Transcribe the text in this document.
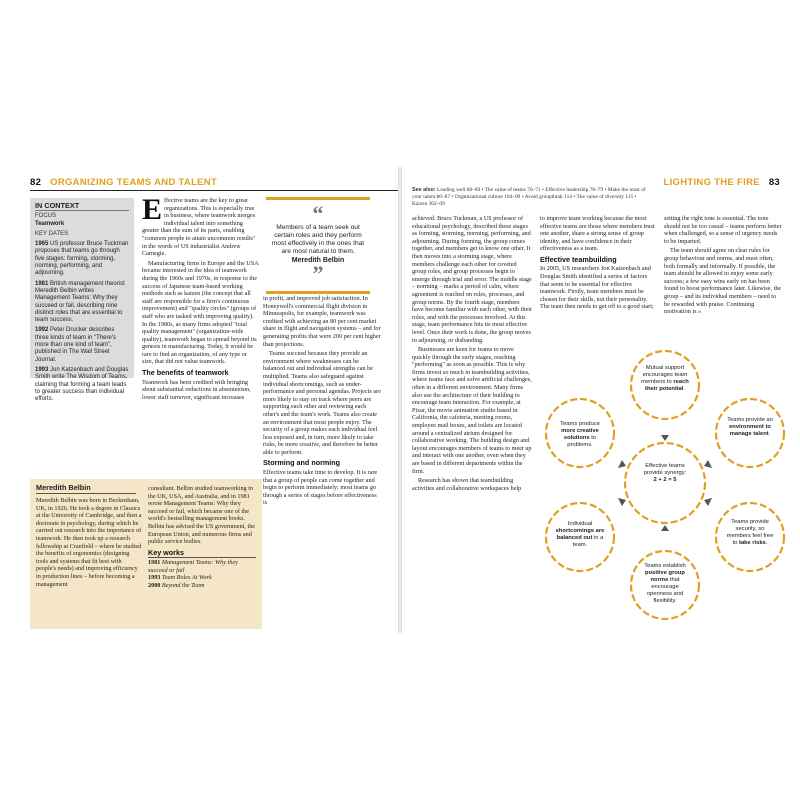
82 ORGANIZING TEAMS AND TALENT
IN CONTEXT
FOCUS
Teamwork
KEY DATES
1965 US professor Bruce Tuckman proposes that teams go through five stages: forming, storming, norming, performing, and adjourning.
1981 British management theorist Meredith Belbin writes Management Teams: Why they succeed or fail, describing nine distinct roles that are essential to team success.
1992 Peter Drucker describes three kinds of team in "There's more than one kind of team", published in The Wall Street Journal.
1993 Jon Katzenbach and Douglas Smith write The Wisdom of Teams, claiming that forming a team leads to greater success than individual efforts.
E ffective teams are the key to great organizations. This is especially true in business, where teamwork merges individual talent into something greater than the sum of its parts, enabling "common people to attain uncommon results" in the words of US industrialist Andrew Carnegie.

Manufacturing firms in Europe and the USA became interested in the idea of teamwork during the 1960s and 1970s, in response to the success of Japanese team-based working methods such as kaizen (the concept that all staff are responsible for a firm's continuous improvement) and "quality circles" (groups of staff who are tasked with improving quality). In the 1980s, as many firms adopted "total quality management" (organization-wide quality), teamwork began to spread beyond its genesis in manufacturing. Today, it would be rare to find an organization, of any type or size, that did not value teamwork.

The benefits of teamwork

Teamwork has been credited with bringing about substantial reductions in absenteeism, lower staff turnover, significant increases

“
Members of a team seek out certain roles and they perform most effectively in the ones that are most natural to them.
Meredith Belbin
”

in profit, and improved job satisfaction. In Honeywell's commercial flight division in Minneapolis, for example, teamwork was credited with achieving an 80 per cent market share in flight and navigation systems – and for generating profits that were 200 per cent higher than projections.

Teams succeed because they provide an environment where weaknesses can be balanced out and individual strengths can be multiplied. Teams also safeguard against individual shortcomings, such as under-performance and personal agendas. Projects are more likely to stay on track where peers are supporting each other and reviewing each other's and the team's work. Teams also create an environment that most people enjoy. The security of a group makes each individual feel less exposed and, in turn, more likely to take risks, be more creative, and therefore be better able to perform.

Storming and norming

Effective teams take time to develop. It is rare that a group of people can come together and begin to perform immediately; most teams go through a series of stages before effectiveness is

Meredith Belbin

Meredith Belbin was born in Beckenham, UK, in 1926. He took a degree in Classics at the University of Cambridge, and then a doctorate in psychology, during which he carried out research into the importance of teamwork. He then took up a research fellowship at Cranfield – where he studied the benefits of ergonomics (designing tools and systems that fit best with people's needs) and improving efficiency in production lines – before becoming a management

consultant. Belbin studied teamworking in the UK, USA, and Australia, and in 1981 wrote Management Teams: Why they succeed or fail, which became one of the world's bestselling management books. Belbin has advised the US government, the European Union, and numerous firms and public service bodies.

Key works
1981 Management Teams: Why they succeed or fail
1993 Team Roles At Work
2000 Beyond the Team
LIGHTING THE FIRE 83
See also: Leading well 68–69 • The value of teams 70–71 • Effective leadership 78–79 • Make the most of your talent 86–87 • Organizational culture 104–09 • Avoid groupthink 114 • The value of diversity 115 • Kaizen 302–09

achieved. Bruce Tuckman, a US professor of educational psychology, described these stages as forming, storming, norming, performing, and adjourning. During forming, the group comes together, and members get to know one other. It then moves into a storming stage, where members challenge each other for coveted group roles, and group processes begin to emerge through trial and error. The middle stage – norming – marks a period of calm, where agreement is reached on roles, processes, and group norms. By the fourth stage, members have become familiar with each other, with their roles, and with the processes involved. At this stage, team performance hits its most effective level. Once their work is done, the group moves to adjourning, or disbanding.

Businesses are keen for teams to move quickly through the early stages, reaching "performing" as soon as possible. This is why firms invest so much in teambuilding activities, where teams face and solve artificial challenges, often in a different environment. Many firms also use the architecture of their building to encourage team interaction. For example, at Pixar, the movie animation studio based in California, the cafeteria, meeting rooms, employee mail boxes, and toilets are located around a centralized atrium designed for collaborative working. The building design and layout encourages members of teams to meet up and interact with one another, even when they are based in different departments within the firm.

Research has shown that teambuilding activities and collaborative workspaces help

to improve team working because the most effective teams are those where members trust one another, share a strong sense of group identity, and have confidence in their effectiveness as a team.

Effective teambuilding

In 2005, US researchers Jon Katzenbach and Douglas Smith identified a series of factors that seem to be essential for effective teamwork. Firstly, team members must be chosen for their skills, not their personality. The team then needs to get off to a good start;

setting the right tone is essential. The tone should not be too casual – teams perform better when challenged, so a sense of urgency needs to be imparted.

The team should agree on clear rules for group behaviour and norms, and meet often, both formally and informally. If possible, the team should be allowed to enjoy some early success; a few easy wins early on has been found to boost performance later. Likewise, the group – and its individual members – need to be rewarded with praise. Continuing motivation is »

Effective teams provide synergy:
2 + 2 = 5
Mutual support encourages team members to reach their potential.
Teams provide an environment to manage talent.
Teams provide security, so members feel free to take risks.
Teams establish positive group norms that encourage openness and flexibility.
Individual shortcomings are balanced out in a team.
Teams produce more creative solutions to problems.
